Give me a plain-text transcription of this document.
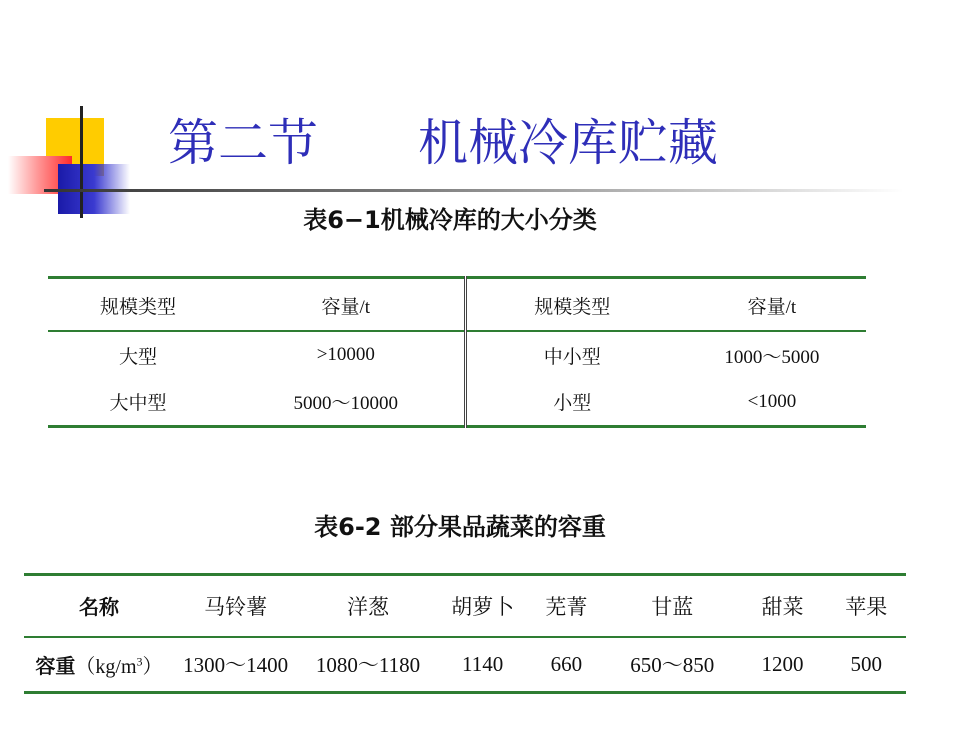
第二节　　机械冷库贮藏
表6−1机械冷库的大小分类
规模类型	容量/t	规模类型	容量/t
大型	>10000	中小型	1000～5000
大中型	5000～10000	小型	<1000
表6-2 部分果品蔬菜的容重
名称	马铃薯	洋葱	胡萝卜	芜菁	甘蓝	甜菜	苹果
容重$(kg/m^3)$	1300～1400	1080～1180	1140	660	650～850	1200	500
